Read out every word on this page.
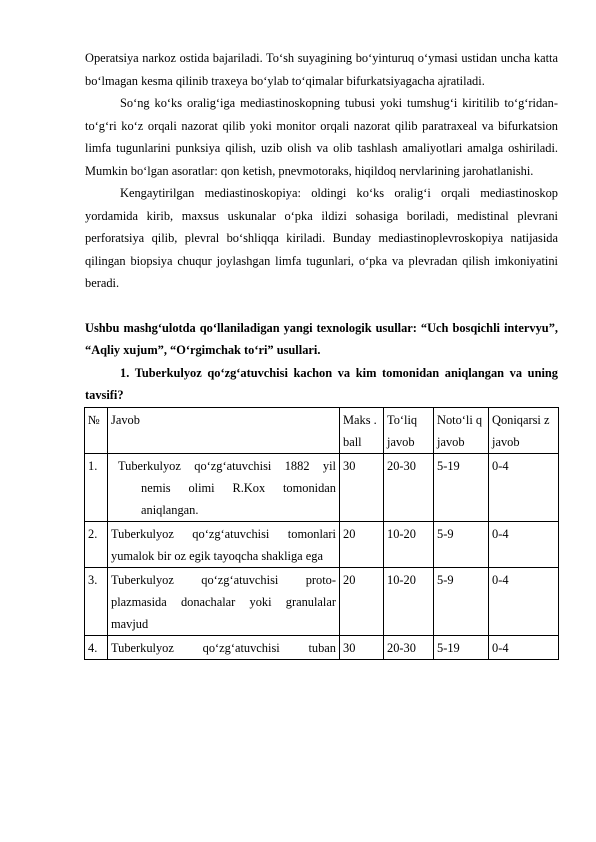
Operatsiya narkoz ostida bajariladi. To‘sh suyagining bo‘yinturuq o‘ymasi ustidan uncha katta bo‘lmagan kesma qilinib traxeya bo‘ylab to‘qimalar bifurkatsiyagacha ajratiladi.

So‘ng ko‘ks oralig‘iga mediastinoskopning tubusi yoki tumshug‘i kiritilib to‘g‘ridan-to‘g‘ri ko‘z orqali nazorat qilib yoki monitor orqali nazorat qilib paratraxeal va bifurkatsion limfa tugunlarini punksiya qilish, uzib olish va olib tashlash amaliyotlari amalga oshiriladi. Mumkin bo‘lgan asoratlar: qon ketish, pnevmotoraks, hiqildoq nervlarining jarohatlanishi.

Kengaytirilgan mediastinoskopiya: oldingi ko‘ks oralig‘i orqali mediastinoskop yordamida kirib, maxsus uskunalar o‘pka ildizi sohasiga boriladi, medistinal plevrani perforatsiya qilib, plevral bo‘shliqqa kiriladi. Bunday mediastinoplevroskopiya natijasida qilingan biopsiya chuqur joylashgan limfa tugunlari, o‘pka va plevradan qilish imkoniyatini beradi.

Ushbu mashg‘ulotda qo‘llaniladigan yangi texnologik usullar: “Uch bosqichli intervyu”, “Aqliy xujum”, “O‘rgimchak to‘ri” usullari.

1. Tuberkulyoz qo‘zg‘atuvchisi kachon va kim tomonidan aniqlangan va uning tavsifi?

№	Javob	Maks . ball	To‘liq javob	Noto‘li q javob	Qoniqarsi z javob
1.	Tuberkulyoz qo‘zg‘atuvchisi 1882 yil nemis olimi R.Kox tomonidan aniqlangan.	30	20-30	5-19	0-4
2.	Tuberkulyoz qo‘zg‘atuvchisi tomonlari yumalok bir oz egik tayoqcha shakliga ega	20	10-20	5-9	0-4
3.	Tuberkulyoz qo‘zg‘atuvchisi proto- plazmasida donachalar yoki granulalar mavjud	20	10-20	5-9	0-4
4.	Tuberkulyoz qo‘zg‘atuvchisi tuban	30	20-30	5-19	0-4
